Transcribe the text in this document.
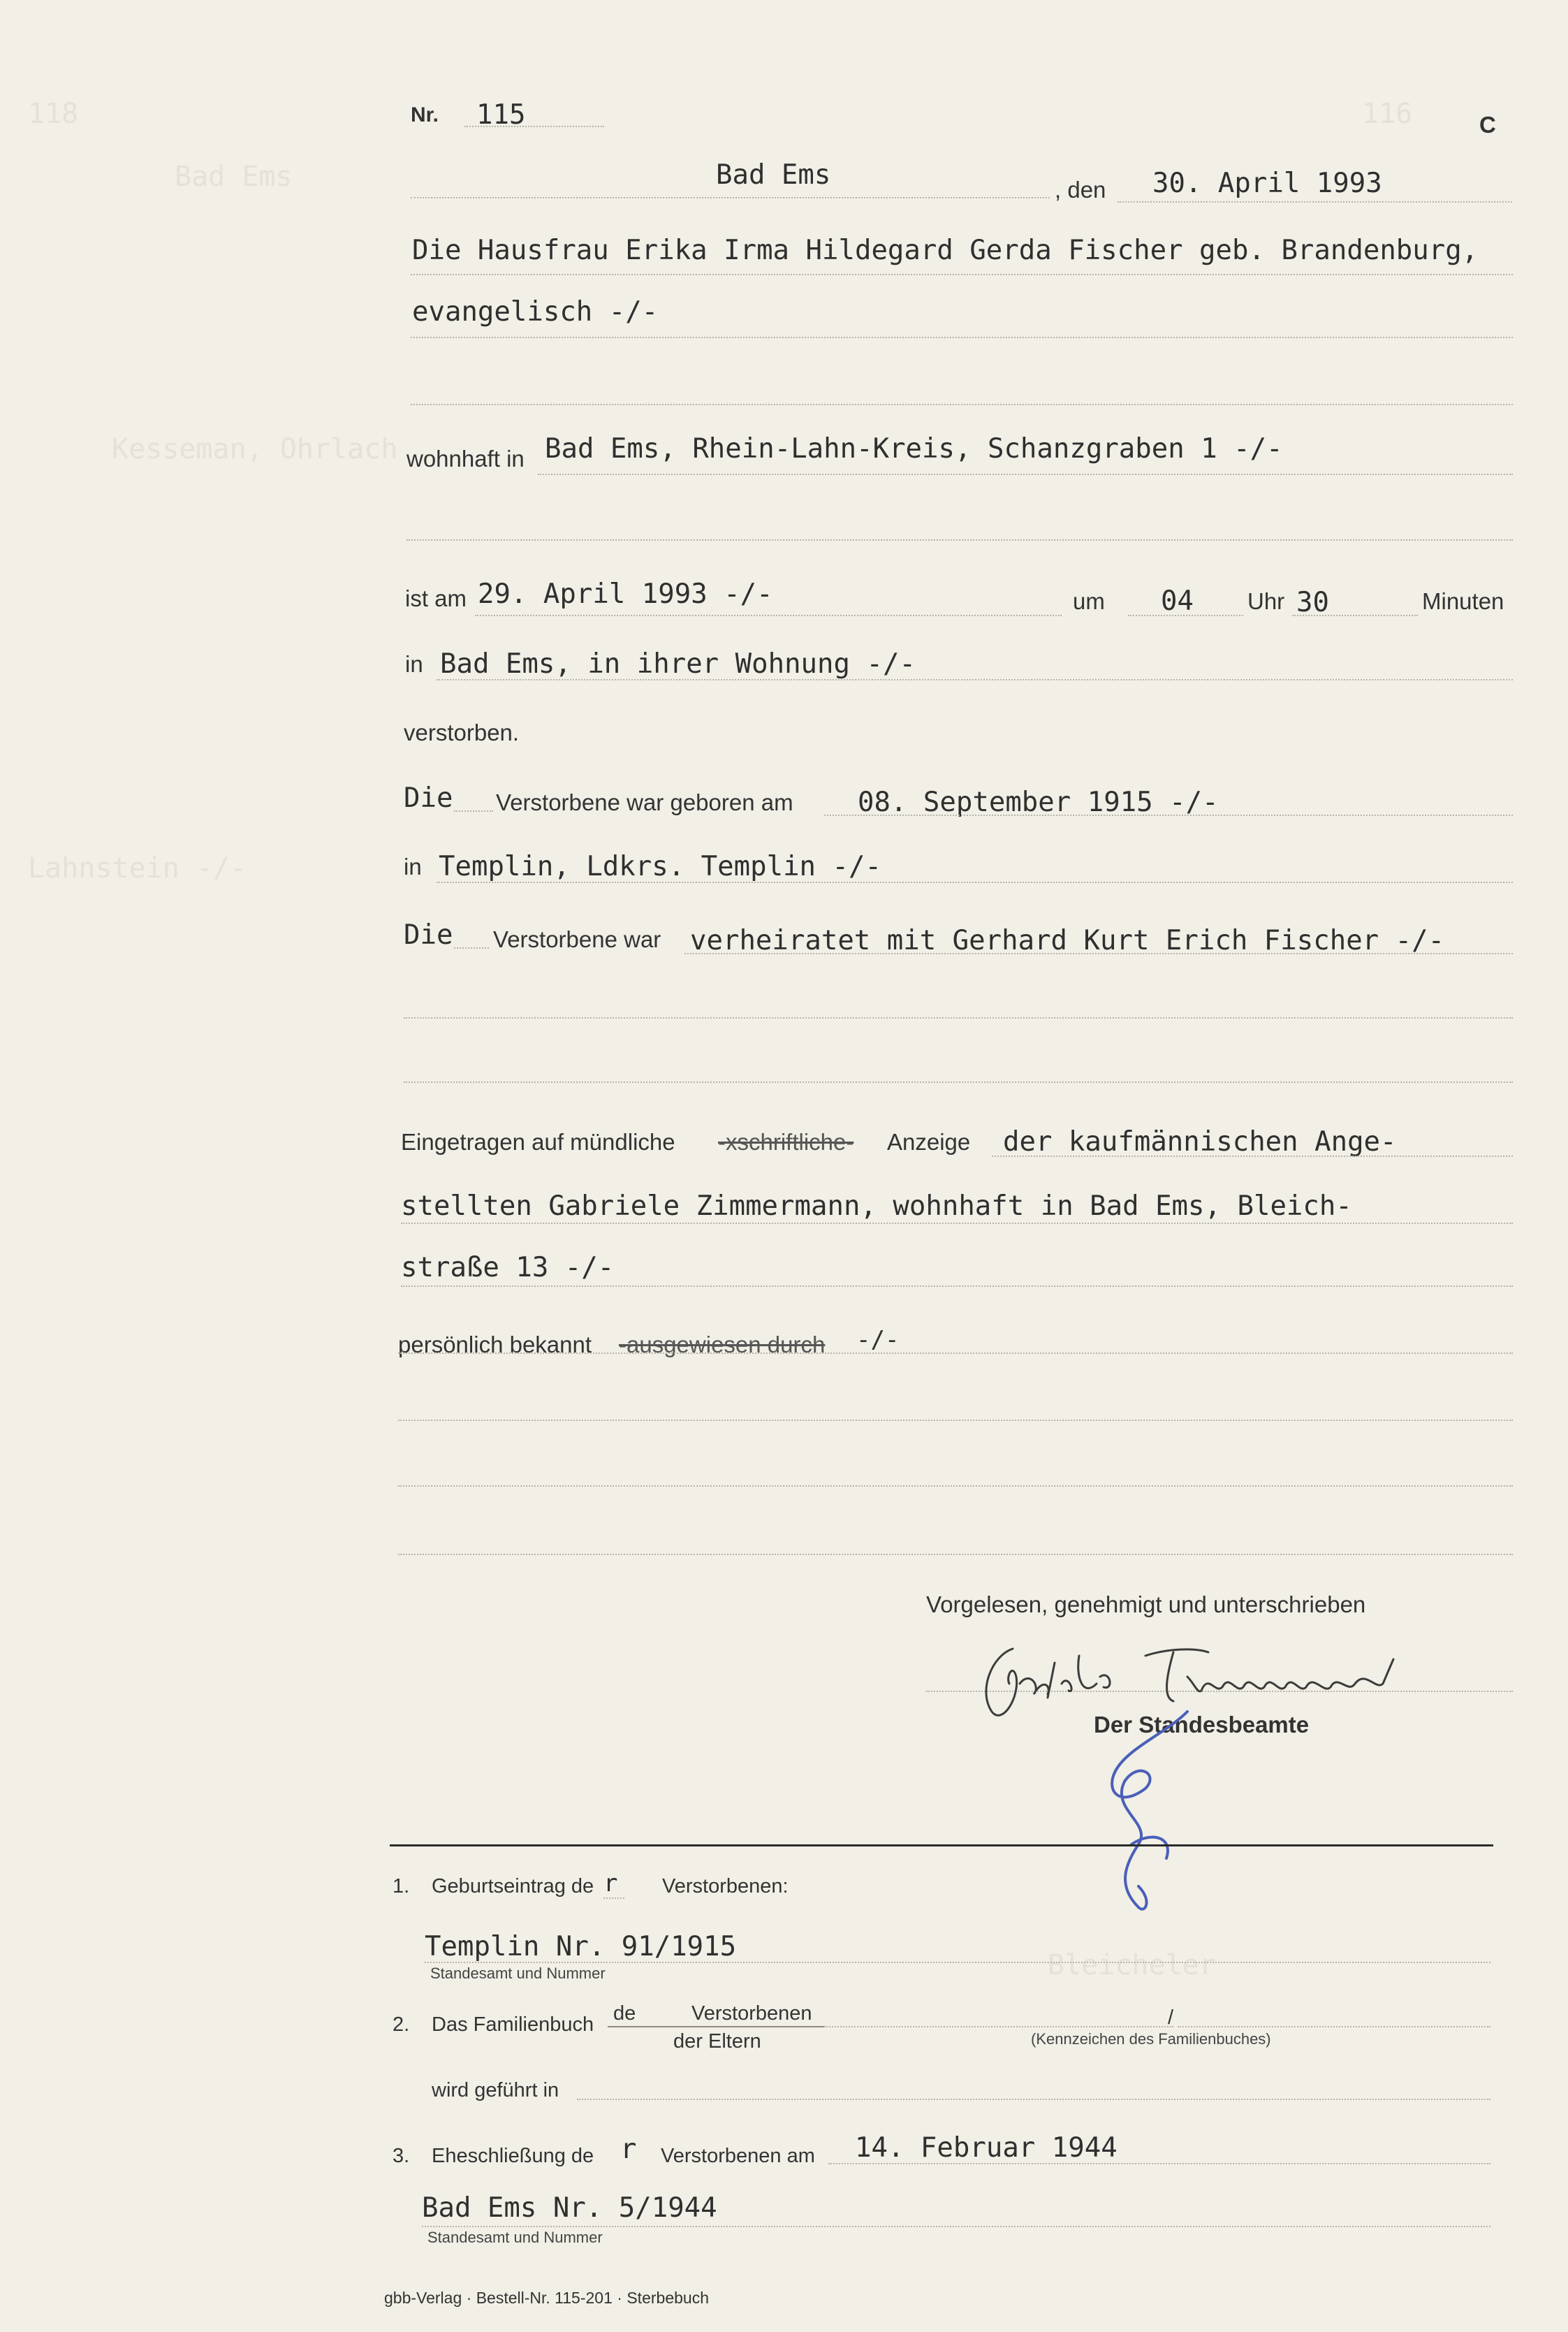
118
Bad Ems
116
Kesseman, Ohrlach
Lahnstein -/-
Bleicheler
Nr. 115	C
Bad Ems	, den 30. April 1993
Die Hausfrau Erika Irma Hildegard Gerda Fischer geb. Brandenburg,
evangelisch -/-
wohnhaft in Bad Ems, Rhein-Lahn-Kreis, Schanzgraben 1 -/-
ist am 29. April 1993 -/-	um 04 Uhr 30	Minuten
in Bad Ems, in ihrer Wohnung -/-
verstorben.
Die Verstorbene war geboren am 08. September 1915 -/-
in Templin, Ldkrs. Templin -/-
Die Verstorbene war verheiratet mit Gerhard Kurt Erich Fischer -/-
Eingetragen auf mündliche -xschriftliche- Anzeige der kaufmännischen Ange-
stellten Gabriele Zimmermann, wohnhaft in Bad Ems, Bleich-
straße 13 -/-
persönlich bekannt -ausgewiesen durch -/-
Vorgelesen, genehmigt und unterschrieben
Der Standesbeamte
1. Geburtseintrag de r Verstorbenen:
Templin Nr. 91/1915
Standesamt und Nummer
2. Das Familienbuch de	Verstorbenen
der Eltern
/
(Kennzeichen des Familienbuches)
wird geführt in
3. Eheschließung de r Verstorbenen am 14. Februar 1944
Bad Ems Nr. 5/1944
Standesamt und Nummer
gbb-Verlag · Bestell-Nr. 115-201 · Sterbebuch
